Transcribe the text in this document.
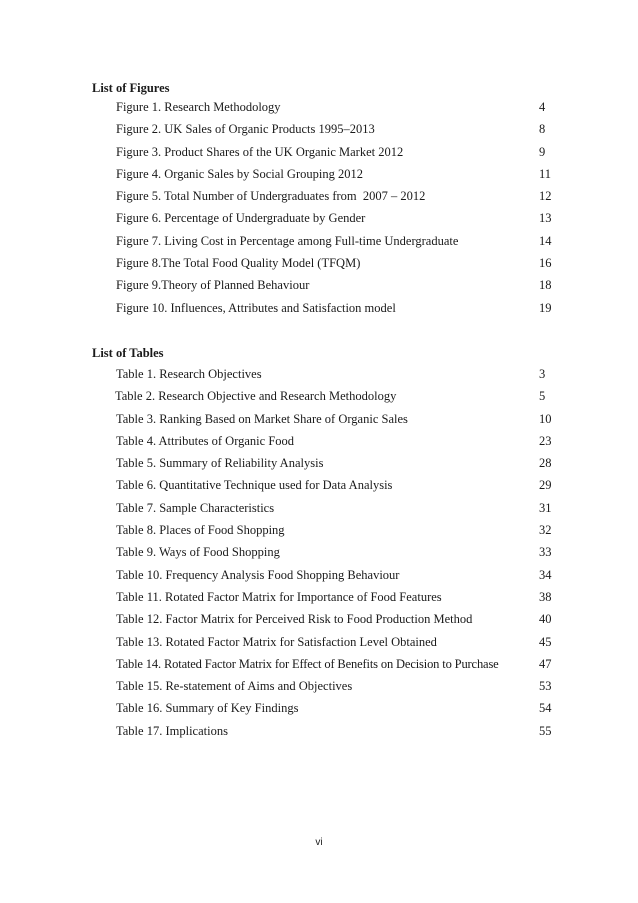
List of Figures
Figure 1. Research Methodology	4
Figure 2. UK Sales of Organic Products 1995–2013	8
Figure 3. Product Shares of the UK Organic Market 2012	9
Figure 4. Organic Sales by Social Grouping 2012	11
Figure 5. Total Number of Undergraduates from  2007 – 2012	12
Figure 6. Percentage of Undergraduate by Gender	13
Figure 7. Living Cost in Percentage among Full-time Undergraduate	14
Figure 8.The Total Food Quality Model (TFQM)	16
Figure 9.Theory of Planned Behaviour	18
Figure 10. Influences, Attributes and Satisfaction model	19
List of Tables
Table 1. Research Objectives	3
Table 2. Research Objective and Research Methodology	5
Table 3. Ranking Based on Market Share of Organic Sales	10
Table 4. Attributes of Organic Food	23
Table 5. Summary of Reliability Analysis	28
Table 6. Quantitative Technique used for Data Analysis	29
Table 7. Sample Characteristics	31
Table 8. Places of Food Shopping	32
Table 9. Ways of Food Shopping	33
Table 10. Frequency Analysis Food Shopping Behaviour	34
Table 11. Rotated Factor Matrix for Importance of Food Features	38
Table 12. Factor Matrix for Perceived Risk to Food Production Method	40
Table 13. Rotated Factor Matrix for Satisfaction Level Obtained	45
Table 14. Rotated Factor Matrix for Effect of Benefits on Decision to Purchase	47
Table 15. Re-statement of Aims and Objectives	53
Table 16. Summary of Key Findings	54
Table 17. Implications	55
vi
